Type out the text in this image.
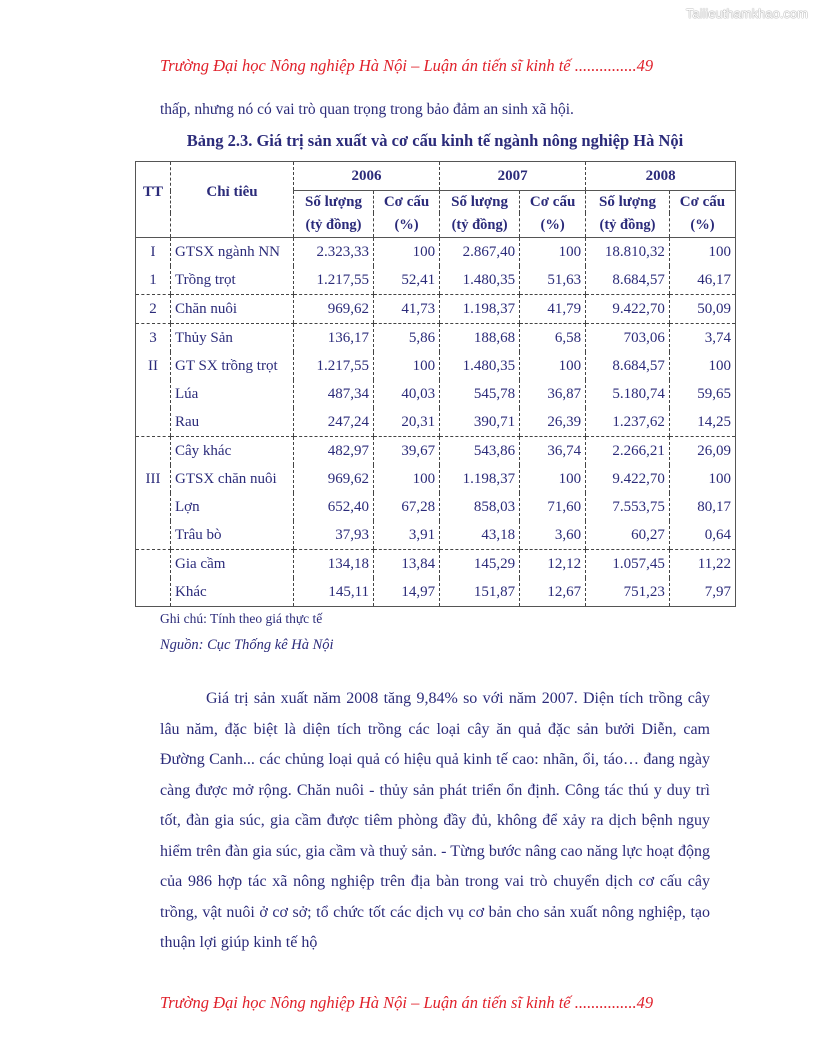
Tailieuthamkhao.com
Trường Đại học Nông nghiệp Hà Nội – Luận án tiến sĩ kinh tế ...............49
thấp, nhưng nó có vai trò quan trọng trong bảo đảm an sinh xã hội.
Bảng 2.3. Giá trị sản xuất và cơ cấu kinh tế ngành nông nghiệp Hà Nội
TT	Chỉ tiêu	2006		2007		2008	
		Số lượng	Cơ cấu	Số lượng	Cơ cấu	Số lượng	Cơ cấu
		(tỷ đồng)	(%)	(tỷ đồng)	(%)	(tỷ đồng)	(%)
I	GTSX ngành NN	2.323,33	100	2.867,40	100	18.810,32	100
1	Trồng trọt	1.217,55	52,41	1.480,35	51,63	8.684,57	46,17
2	Chăn nuôi	969,62	41,73	1.198,37	41,79	9.422,70	50,09
3	Thủy Sản	136,17	5,86	188,68	6,58	703,06	3,74
II	GT SX trồng trọt	1.217,55	100	1.480,35	100	8.684,57	100
	Lúa	487,34	40,03	545,78	36,87	5.180,74	59,65
	Rau	247,24	20,31	390,71	26,39	1.237,62	14,25
	Cây khác	482,97	39,67	543,86	36,74	2.266,21	26,09
III	GTSX chăn nuôi	969,62	100	1.198,37	100	9.422,70	100
	Lợn	652,40	67,28	858,03	71,60	7.553,75	80,17
	Trâu bò	37,93	3,91	43,18	3,60	60,27	0,64
	Gia cầm	134,18	13,84	145,29	12,12	1.057,45	11,22
	Khác	145,11	14,97	151,87	12,67	751,23	7,97
Ghi chú: Tính theo giá thực tế
Nguồn: Cục Thống kê Hà Nội
Giá trị sản xuất năm 2008 tăng 9,84% so với năm 2007. Diện tích trồng cây lâu năm, đặc biệt là diện tích trồng các loại cây ăn quả đặc sản bưởi Diễn, cam Đường Canh... các chủng loại quả có hiệu quả kinh tế cao: nhãn, ổi, táo… đang ngày càng được mở rộng. Chăn nuôi - thủy sản phát triển ổn định. Công tác thú y duy trì tốt, đàn gia súc, gia cầm được tiêm phòng đầy đủ, không để xảy ra dịch bệnh nguy hiểm trên đàn gia súc, gia cầm và thuỷ sản. - Từng bước nâng cao năng lực hoạt động của 986 hợp tác xã nông nghiệp trên địa bàn trong vai trò chuyển dịch cơ cấu cây trồng, vật nuôi ở cơ sở; tổ chức tốt các dịch vụ cơ bản cho sản xuất nông nghiệp, tạo thuận lợi giúp kinh tế hộ
Trường Đại học Nông nghiệp Hà Nội – Luận án tiến sĩ kinh tế ...............49
